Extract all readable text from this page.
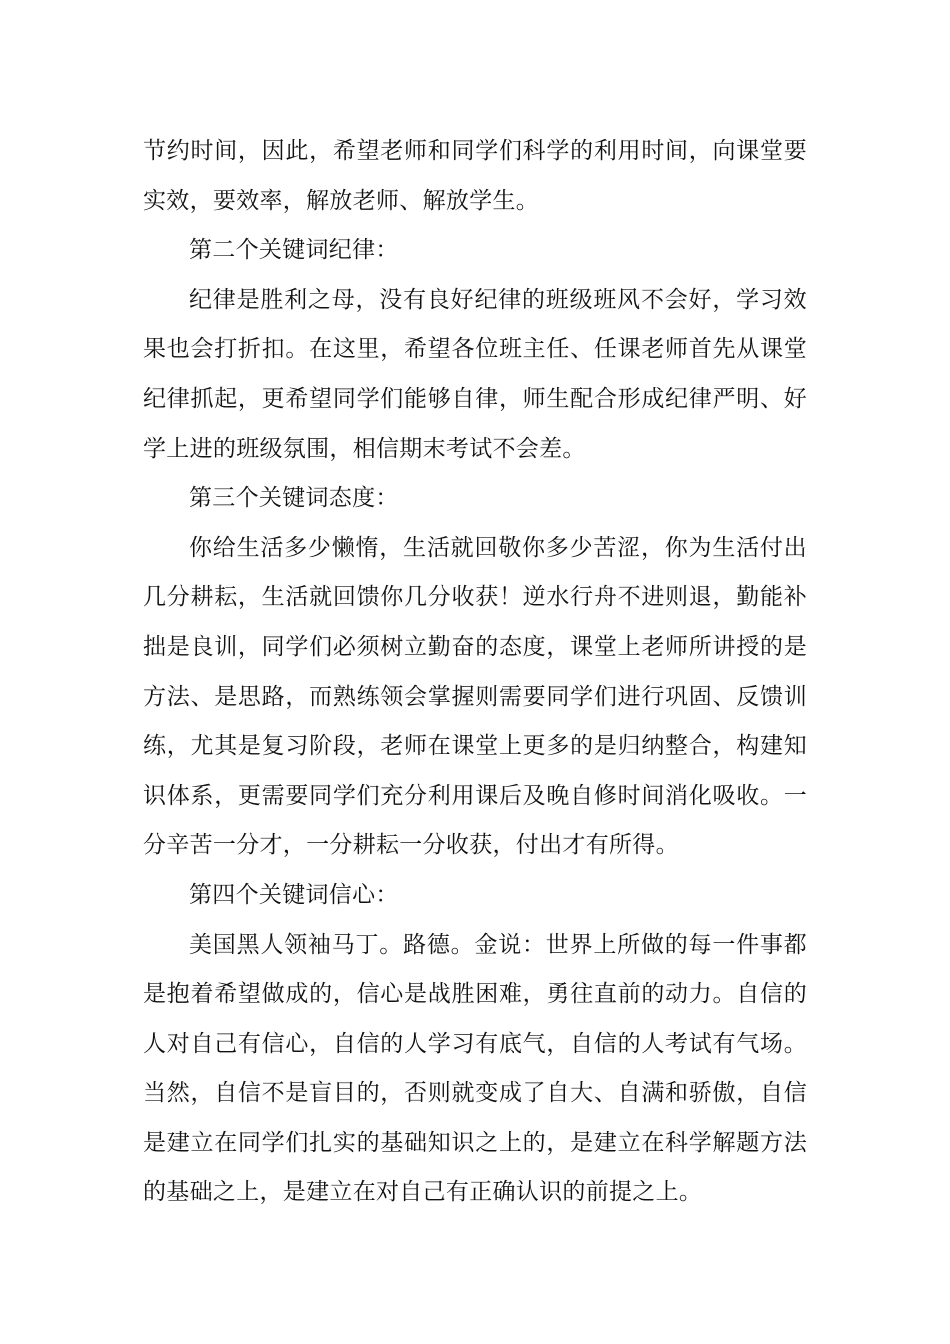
节约时间，因此，希望老师和同学们科学的利用时间，向课堂要实效，要效率，解放老师、解放学生。

第二个关键词纪律：

纪律是胜利之母，没有良好纪律的班级班风不会好，学习效果也会打折扣。在这里，希望各位班主任、任课老师首先从课堂纪律抓起，更希望同学们能够自律，师生配合形成纪律严明、好学上进的班级氛围，相信期末考试不会差。

第三个关键词态度：

你给生活多少懒惰，生活就回敬你多少苦涩，你为生活付出几分耕耘，生活就回馈你几分收获！逆水行舟不进则退，勤能补拙是良训，同学们必须树立勤奋的态度，课堂上老师所讲授的是方法、是思路，而熟练领会掌握则需要同学们进行巩固、反馈训练，尤其是复习阶段，老师在课堂上更多的是归纳整合，构建知识体系，更需要同学们充分利用课后及晚自修时间消化吸收。一分辛苦一分才，一分耕耘一分收获，付出才有所得。

第四个关键词信心：

美国黑人领袖马丁。路德。金说：世界上所做的每一件事都是抱着希望做成的，信心是战胜困难，勇往直前的动力。自信的人对自己有信心，自信的人学习有底气，自信的人考试有气场。当然，自信不是盲目的，否则就变成了自大、自满和骄傲，自信是建立在同学们扎实的基础知识之上的，是建立在科学解题方法的基础之上，是建立在对自己有正确认识的前提之上。
